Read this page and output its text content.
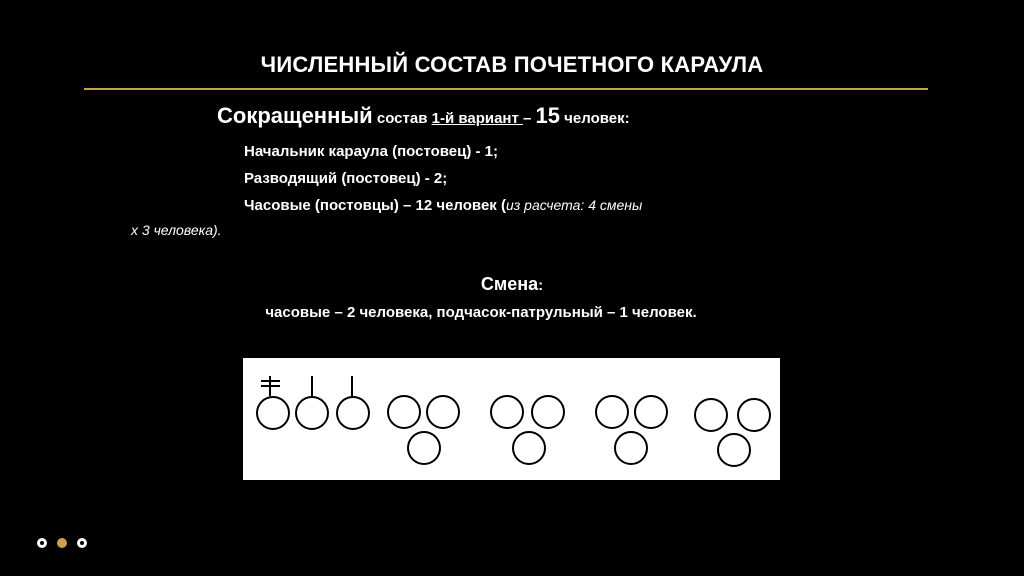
ЧИСЛЕННЫЙ СОСТАВ ПОЧЕТНОГО КАРАУЛА
Сокращенный состав 1-й вариант – 15 человек:
Начальник караула (постовец) - 1;
Разводящий (постовец) - 2;
Часовые (постовцы) – 12 человек (из расчета: 4 смены
х 3 человека).
Смена:
часовые – 2 человека, подчасок-патрульный – 1 человек.
